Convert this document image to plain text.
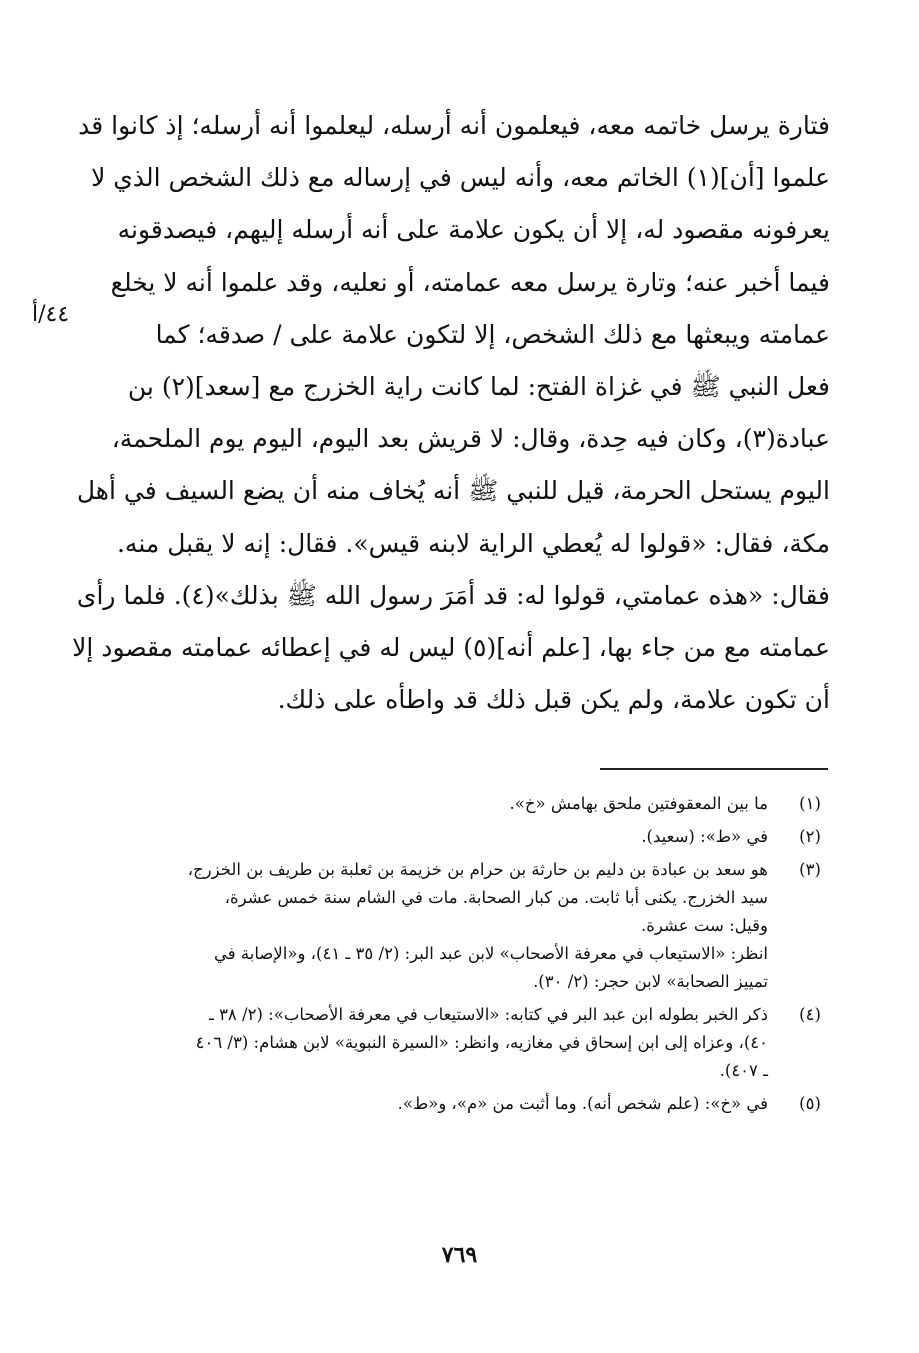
فتارة يرسل خاتمه معه، فيعلمون أنه أرسله، ليعلموا أنه أرسله؛ إذ كانوا قد
علموا [أن](١) الخاتم معه، وأنه ليس في إرساله مع ذلك الشخص الذي لا
يعرفونه مقصود له، إلا أن يكون علامة على أنه أرسله إليهم، فيصدقونه
فيما أخبر عنه؛ وتارة يرسل معه عمامته، أو نعليه، وقد علموا أنه لا يخلع
عمامته ويبعثها مع ذلك الشخص، إلا لتكون علامة على / صدقه؛ كما
فعل النبي ﷺ في غزاة الفتح: لما كانت راية الخزرج مع [سعد](٢) بن
عبادة(٣)، وكان فيه حِدة، وقال: لا قريش بعد اليوم، اليوم يوم الملحمة،
اليوم يستحل الحرمة، قيل للنبي ﷺ أنه يُخاف منه أن يضع السيف في أهل
مكة، فقال: «قولوا له يُعطي الراية لابنه قيس». فقال: إنه لا يقبل منه.
فقال: «هذه عمامتي، قولوا له: قد أمَرَ رسول الله ﷺ بذلك»(٤). فلما رأى
عمامته مع من جاء بها، [علم أنه](٥) ليس له في إعطائه عمامته مقصود إلا
أن تكون علامة، ولم يكن قبل ذلك قد واطأه على ذلك.
٤٤/أ
(١)
ما بين المعقوفتين ملحق بهامش «خ».
(٢)
في «ط»: (سعيد).
(٣)
هو سعد بن عبادة بن دليم بن حارثة بن حرام بن خزيمة بن ثعلبة بن طريف بن الخزرج،
سيد الخزرج. يكنى أبا ثابت. من كبار الصحابة. مات في الشام سنة خمس عشرة،
وقيل: ست عشرة.
انظر: «الاستيعاب في معرفة الأصحاب» لابن عبد البر: (٢/ ٣٥ ـ ٤١)، و«الإصابة في
تمييز الصحابة» لابن حجر: (٢/ ٣٠).
(٤)
ذكر الخبر بطوله ابن عبد البر في كتابه: «الاستيعاب في معرفة الأصحاب»: (٢/ ٣٨ ـ
٤٠)، وعزاه إلى ابن إسحاق في مغازيه، وانظر: «السيرة النبوية» لابن هشام: (٣/ ٤٠٦
ـ ٤٠٧).
(٥)
في «خ»: (علم شخص أنه). وما أثبت من «م»، و«ط».
٧٦٩
